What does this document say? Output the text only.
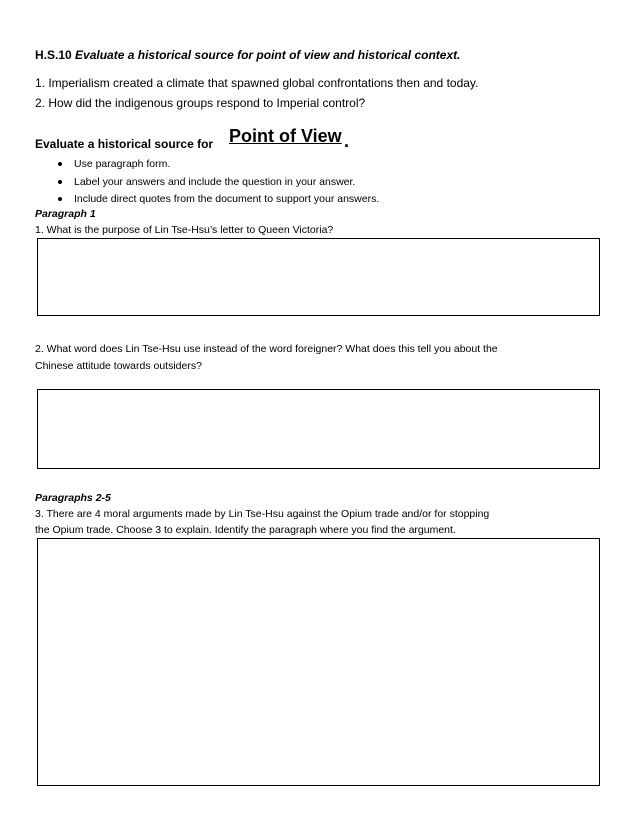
H.S.10 Evaluate a historical source for point of view and historical context.
1. Imperialism created a climate that spawned global confrontations then and today.
2. How did the indigenous groups respond to Imperial control?
Evaluate a historical source for Point of View .
Use paragraph form.
Label your answers and include the question in your answer.
Include direct quotes from the document to support your answers.
Paragraph 1
1. What is the purpose of Lin Tse-Hsu’s letter to Queen Victoria?
2. What word does Lin Tse-Hsu use instead of the word foreigner? What does this tell you about the
Chinese attitude towards outsiders?
Paragraphs 2-5
3. There are 4 moral arguments made by Lin Tse-Hsu against the Opium trade and/or for stopping
the Opium trade. Choose 3 to explain. Identify the paragraph where you find the argument.
